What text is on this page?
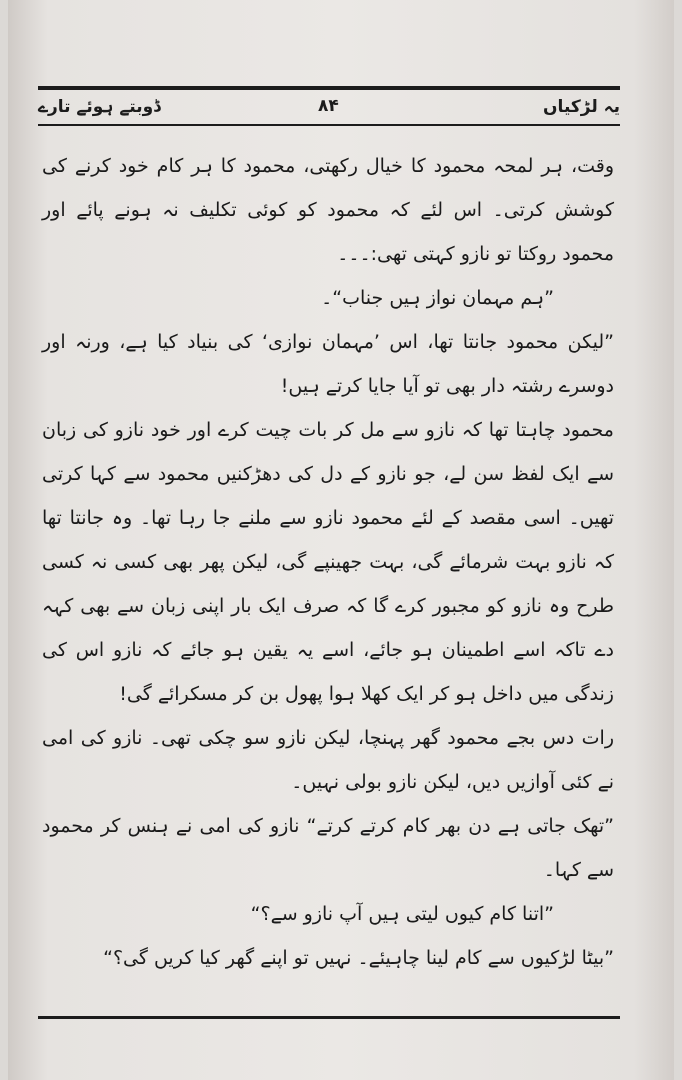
یہ لڑکیاں
۸۴
ڈوبتے ہوئے تارے

وقت، ہر لمحہ محمود کا خیال رکھتی، محمود کا ہر کام خود کرنے کی کوشش کرتی۔ اس لئے کہ محمود کو کوئی تکلیف نہ ہونے پائے اور محمود روکتا تو نازو کہتی تھی:۔۔۔

”ہم مہمان نواز ہیں جناب“۔

”لیکن محمود جانتا تھا، اس ’مہمان نوازی‘ کی بنیاد کیا ہے، ورنہ اور دوسرے رشتہ دار بھی تو آیا جایا کرتے ہیں!

محمود چاہتا تھا کہ نازو سے مل کر بات چیت کرے اور خود نازو کی زبان سے ایک لفظ سن لے، جو نازو کے دل کی دھڑکنیں محمود سے کہا کرتی تھیں۔ اسی مقصد کے لئے محمود نازو سے ملنے جا رہا تھا۔ وہ جانتا تھا کہ نازو بہت شرمائے گی، بہت جھینپے گی، لیکن پھر بھی کسی نہ کسی طرح وہ نازو کو مجبور کرے گا کہ صرف ایک بار اپنی زبان سے بھی کہہ دے تاکہ اسے اطمینان ہو جائے، اسے یہ یقین ہو جائے کہ نازو اس کی زندگی میں داخل ہو کر ایک کھلا ہوا پھول بن کر مسکرائے گی!

رات دس بجے محمود گھر پہنچا، لیکن نازو سو چکی تھی۔ نازو کی امی نے کئی آوازیں دیں، لیکن نازو بولی نہیں۔

”تھک جاتی ہے دن بھر کام کرتے کرتے“ نازو کی امی نے ہنس کر محمود سے کہا۔

”اتنا کام کیوں لیتی ہیں آپ نازو سے؟“

”بیٹا لڑکیوں سے کام لینا چاہیئے۔ نہیں تو اپنے گھر کیا کریں گی؟“
